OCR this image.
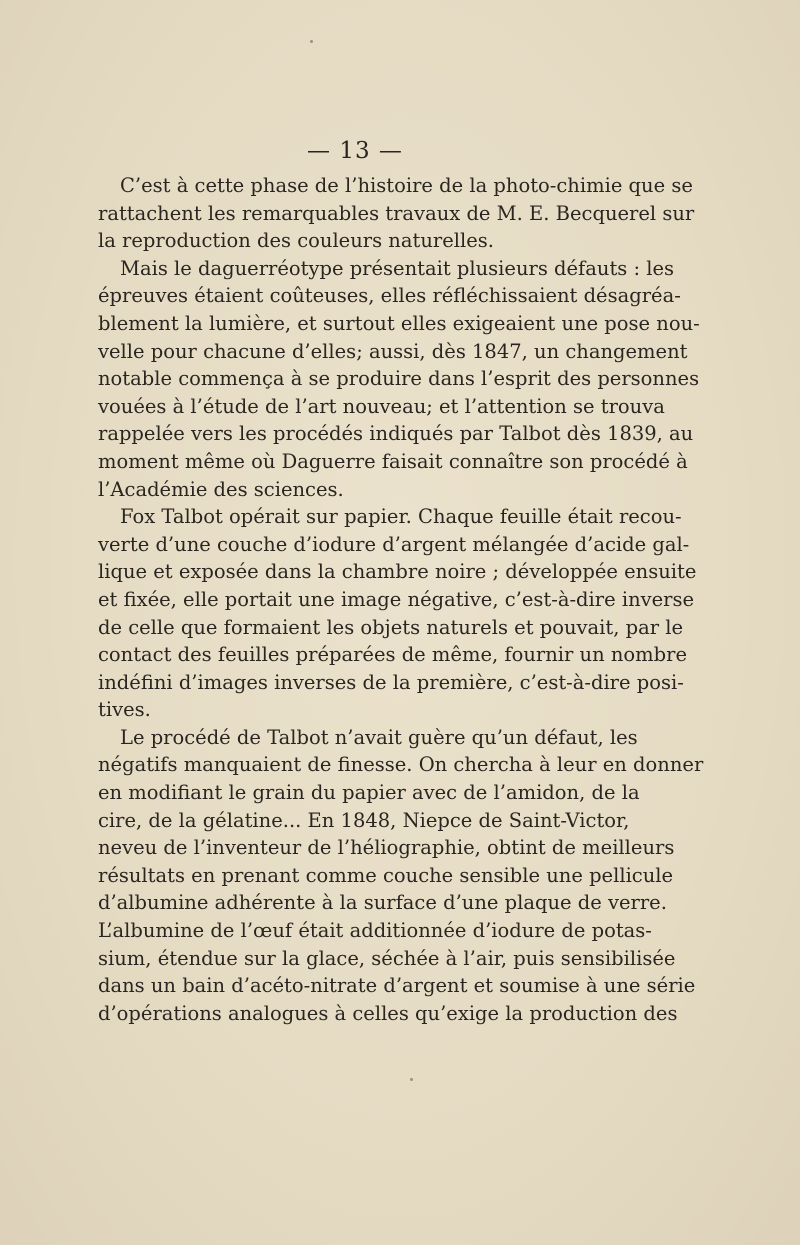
— 13 —
C’est à cette phase de l’histoire de la photo-chimie que se
rattachent les remarquables travaux de M. E. Becquerel sur
la reproduction des couleurs naturelles.
Mais le daguerréotype présentait plusieurs défauts : les
épreuves étaient coûteuses, elles réfléchissaient désagréa-
blement la lumière, et surtout elles exigeaient une pose nou-
velle pour chacune d’elles; aussi, dès 1847, un changement
notable commença à se produire dans l’esprit des personnes
vouées à l’étude de l’art nouveau; et l’attention se trouva
rappelée vers les procédés indiqués par Talbot dès 1839, au
moment même où Daguerre faisait connaître son procédé à
l’Académie des sciences.
Fox Talbot opérait sur papier. Chaque feuille était recou-
verte d’une couche d’iodure d’argent mélangée d’acide gal-
lique et exposée dans la chambre noire ; développée ensuite
et fixée, elle portait une image négative, c’est-à-dire inverse
de celle que formaient les objets naturels et pouvait, par le
contact des feuilles préparées de même, fournir un nombre
indéfini d’images inverses de la première, c’est-à-dire posi-
tives.
Le procédé de Talbot n’avait guère qu’un défaut, les
négatifs manquaient de finesse. On chercha à leur en donner
en modifiant le grain du papier avec de l’amidon, de la
cire, de la gélatine... En 1848, Niepce de Saint-Victor,
neveu de l’inventeur de l’héliographie, obtint de meilleurs
résultats en prenant comme couche sensible une pellicule
d’albumine adhérente à la surface d’une plaque de verre.
L’albumine de l’œuf était additionnée d’iodure de potas-
sium, étendue sur la glace, séchée à l’air, puis sensibilisée
dans un bain d’acéto-nitrate d’argent et soumise à une série
d’opérations analogues à celles qu’exige la production des
